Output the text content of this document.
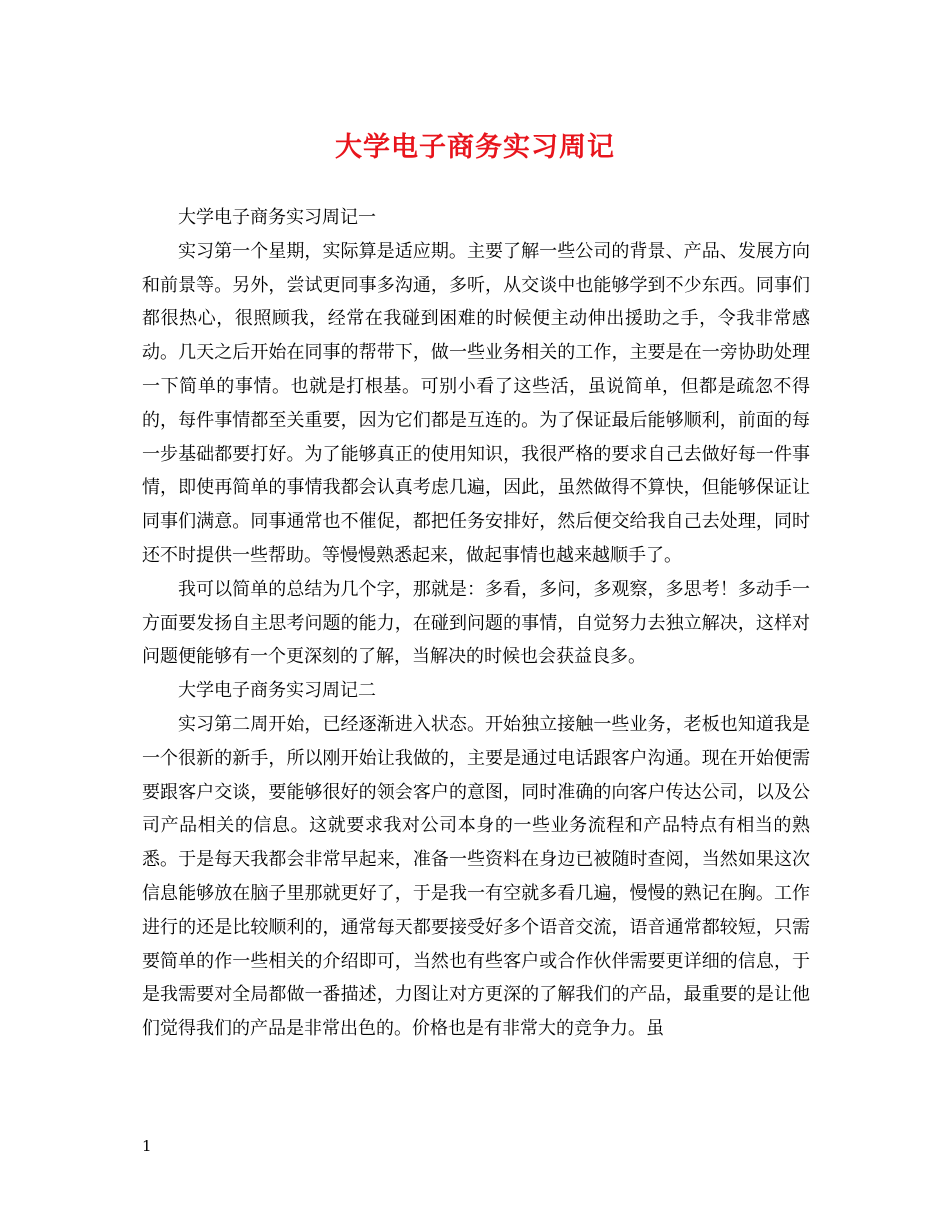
大学电子商务实习周记

大学电子商务实习周记一

实习第一个星期，实际算是适应期。主要了解一些公司的背景、产品、发展方向和前景等。另外，尝试更同事多沟通，多听，从交谈中也能够学到不少东西。同事们都很热心，很照顾我，经常在我碰到困难的时候便主动伸出援助之手，令我非常感动。几天之后开始在同事的帮带下，做一些业务相关的工作，主要是在一旁协助处理一下简单的事情。也就是打根基。可别小看了这些活，虽说简单，但都是疏忽不得的，每件事情都至关重要，因为它们都是互连的。为了保证最后能够顺利，前面的每一步基础都要打好。为了能够真正的使用知识，我很严格的要求自己去做好每一件事情，即使再简单的事情我都会认真考虑几遍，因此，虽然做得不算快，但能够保证让同事们满意。同事通常也不催促，都把任务安排好，然后便交给我自己去处理，同时还不时提供一些帮助。等慢慢熟悉起来，做起事情也越来越顺手了。

我可以简单的总结为几个字，那就是：多看，多问，多观察，多思考！多动手一方面要发扬自主思考问题的能力，在碰到问题的事情，自觉努力去独立解决，这样对问题便能够有一个更深刻的了解，当解决的时候也会获益良多。

大学电子商务实习周记二

实习第二周开始，已经逐渐进入状态。开始独立接触一些业务，老板也知道我是一个很新的新手，所以刚开始让我做的，主要是通过电话跟客户沟通。现在开始便需要跟客户交谈，要能够很好的领会客户的意图，同时准确的向客户传达公司，以及公司产品相关的信息。这就要求我对公司本身的一些业务流程和产品特点有相当的熟悉。于是每天我都会非常早起来，准备一些资料在身边已被随时查阅，当然如果这次信息能够放在脑子里那就更好了，于是我一有空就多看几遍，慢慢的熟记在胸。工作进行的还是比较顺利的，通常每天都要接受好多个语音交流，语音通常都较短，只需要简单的作一些相关的介绍即可，当然也有些客户或合作伙伴需要更详细的信息，于是我需要对全局都做一番描述，力图让对方更深的了解我们的产品，最重要的是让他们觉得我们的产品是非常出色的。价格也是有非常大的竞争力。虽

1
